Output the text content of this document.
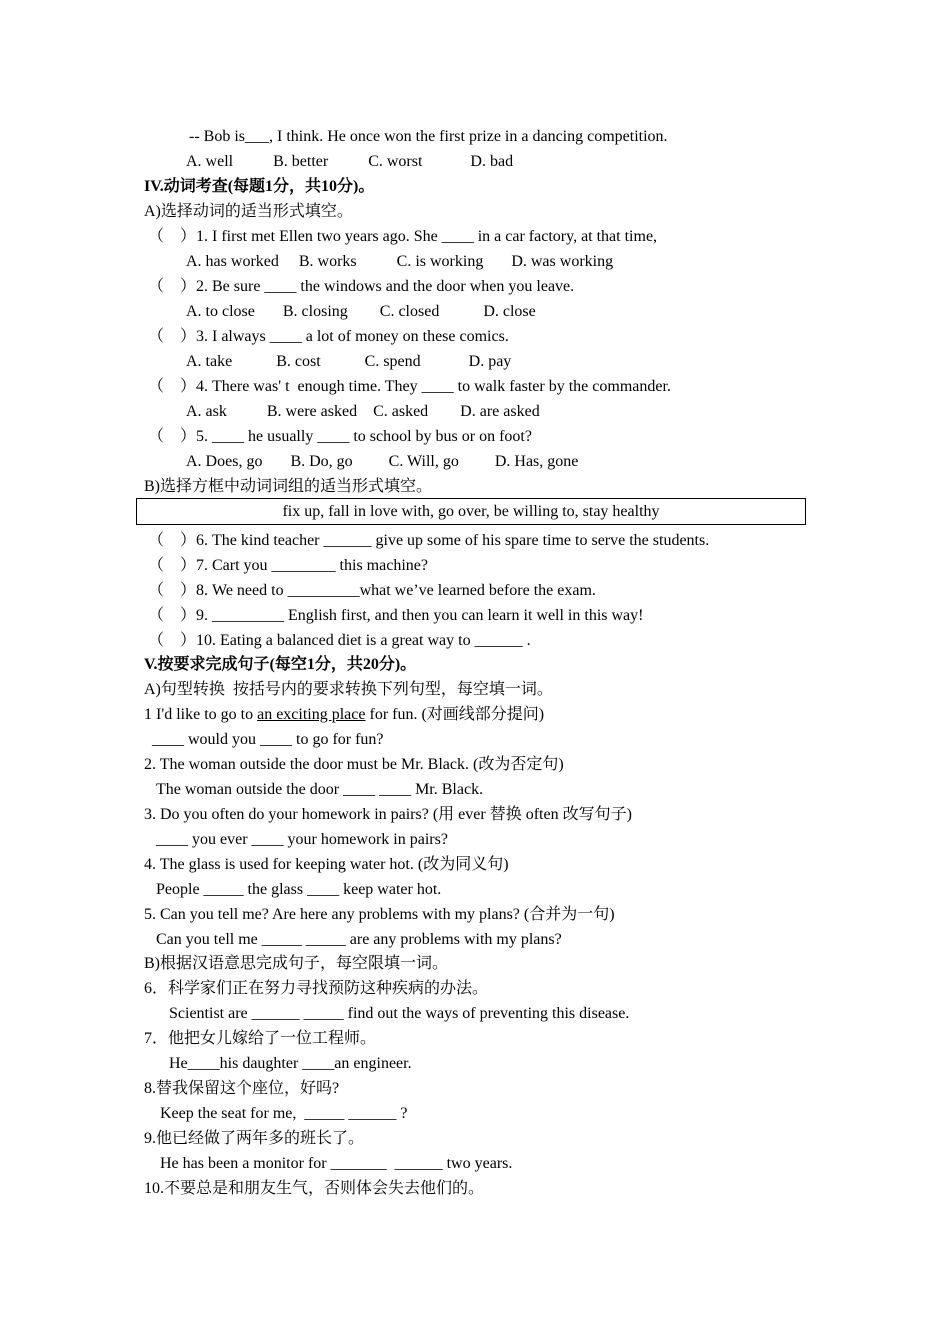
-- Bob is___, I think. He once won the first prize in a dancing competition.
A. well          B. better          C. worst            D. bad
IV.动词考查(每题1分，共10分)。
A)选择动词的适当形式填空。
（    ）1. I first met Ellen two years ago. She ____ in a car factory, at that time,
A. has worked     B. works          C. is working       D. was working
（    ）2. Be sure ____ the windows and the door when you leave.
A. to close       B. closing        C. closed           D. close
（    ）3. I always ____ a lot of money on these comics.
A. take           B. cost           C. spend            D. pay
（    ）4. There was' t  enough time. They ____ to walk faster by the commander.
A. ask          B. were asked    C. asked        D. are asked
（    ）5. ____ he usually ____ to school by bus or on foot?
A. Does, go       B. Do, go         C. Will, go         D. Has, gone
B)选择方框中动词词组的适当形式填空。
（    ）6. The kind teacher ______ give up some of his spare time to serve the students.
（    ）7. Cart you ________ this machine?
（    ）8. We need to _________what we’ve learned before the exam.
（    ）9. _________ English first, and then you can learn it well in this way!
（    ）10. Eating a balanced diet is a great way to ______ .
V.按要求完成句子(每空1分，共20分)。
A)句型转换  按括号内的要求转换下列句型，每空填一词。
1 I'd like to go to an exciting place for fun. (对画线部分提问)
____ would you ____ to go for fun?
2. The woman outside the door must be Mr. Black. (改为否定句)
The woman outside the door ____ ____ Mr. Black.
3. Do you often do your homework in pairs? (用 ever 替换 often 改写句子)
____ you ever ____ your homework in pairs?
4. The glass is used for keeping water hot. (改为同义句)
People _____ the glass ____ keep water hot.
5. Can you tell me? Are here any problems with my plans? (合并为一句)
Can you tell me _____ _____ are any problems with my plans?
B)根据汉语意思完成句子，每空限填一词。
6．科学家们正在努力寻找预防这种疾病的办法。
Scientist are ______ _____ find out the ways of preventing this disease.
7．他把女儿嫁给了一位工程师。
He____his daughter ____an engineer.
8.替我保留这个座位，好吗?
Keep the seat for me,  _____ ______ ?
9.他已经做了两年多的班长了。
He has been a monitor for _______  ______ two years.
10.不要总是和朋友生气，否则体会失去他们的。
fix up, fall in love with, go over, be willing to, stay healthy
